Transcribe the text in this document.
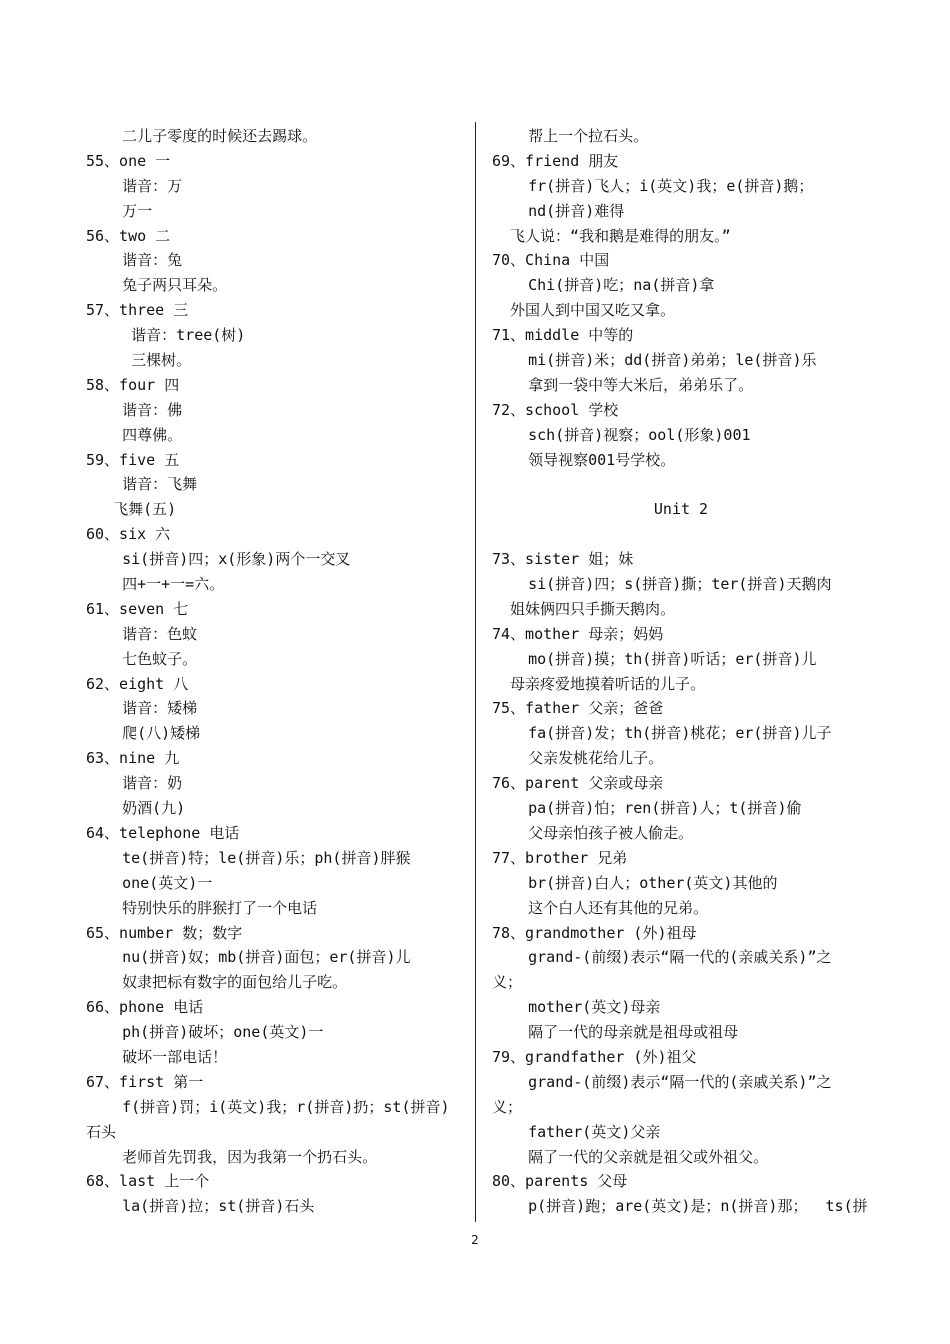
二儿子零度的时候还去踢球。
55、one 一
谐音：万
万一
56、two 二
谐音：兔
兔子两只耳朵。
57、three 三
谐音：tree(树)
三棵树。
58、four 四
谐音：佛
四尊佛。
59、five 五
谐音：飞舞
飞舞(五)
60、six 六
si(拼音)四；x(形象)两个一交叉
四+一+一=六。
61、seven 七
谐音：色蚊
七色蚊子。
62、eight 八
谐音：矮梯
爬(八)矮梯
63、nine 九
谐音：奶
奶酒(九)
64、telephone 电话
te(拼音)特；le(拼音)乐；ph(拼音)胖猴
one(英文)一
特别快乐的胖猴打了一个电话
65、number 数；数字
nu(拼音)奴；mb(拼音)面包；er(拼音)儿
奴隶把标有数字的面包给儿子吃。
66、phone 电话
ph(拼音)破坏；one(英文)一
破坏一部电话！
67、first 第一
f(拼音)罚；i(英文)我；r(拼音)扔；st(拼音)
石头
老师首先罚我，因为我第一个扔石头。
68、last 上一个
la(拼音)拉；st(拼音)石头
帮上一个拉石头。
69、friend 朋友
fr(拼音)飞人；i(英文)我；e(拼音)鹅；
nd(拼音)难得
飞人说：“我和鹅是难得的朋友。”
70、China 中国
Chi(拼音)吃；na(拼音)拿
外国人到中国又吃又拿。
71、middle 中等的
mi(拼音)米；dd(拼音)弟弟；le(拼音)乐
拿到一袋中等大米后，弟弟乐了。
72、school 学校
sch(拼音)视察；ool(形象)001
领导视察001号学校。
Unit 2
73、sister 姐；妹
si(拼音)四；s(拼音)撕；ter(拼音)天鹅肉
姐妹俩四只手撕天鹅肉。
74、mother 母亲；妈妈
mo(拼音)摸；th(拼音)听话；er(拼音)儿
母亲疼爱地摸着听话的儿子。
75、father 父亲；爸爸
fa(拼音)发；th(拼音)桃花；er(拼音)儿子
父亲发桃花给儿子。
76、parent 父亲或母亲
pa(拼音)怕；ren(拼音)人；t(拼音)偷
父母亲怕孩子被人偷走。
77、brother 兄弟
br(拼音)白人；other(英文)其他的
这个白人还有其他的兄弟。
78、grandmother (外)祖母
grand-(前缀)表示“隔一代的(亲戚关系)”之
义；
mother(英文)母亲
隔了一代的母亲就是祖母或祖母
79、grandfather (外)祖父
grand-(前缀)表示“隔一代的(亲戚关系)”之
义；
father(英文)父亲
隔了一代的父亲就是祖父或外祖父。
80、parents 父母
p(拼音)跑；are(英文)是；n(拼音)那；  ts(拼
2
